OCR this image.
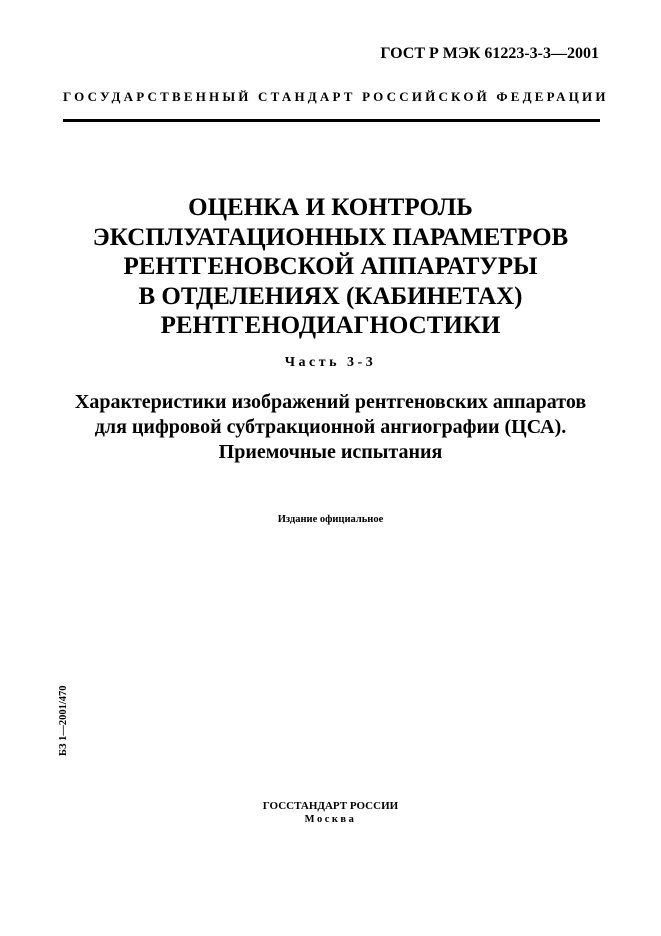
ГОСТ Р МЭК 61223-3-3—2001
ГОСУДАРСТВЕННЫЙ СТАНДАРТ РОССИЙСКОЙ ФЕДЕРАЦИИ
ОЦЕНКА И КОНТРОЛЬ
ЭКСПЛУАТАЦИОННЫХ ПАРАМЕТРОВ
РЕНТГЕНОВСКОЙ АППАРАТУРЫ
В ОТДЕЛЕНИЯХ (КАБИНЕТАХ)
РЕНТГЕНОДИАГНОСТИКИ
Часть 3-3
Характеристики изображений рентгеновских аппаратов
для цифровой субтракционной ангиографии (ЦСА).
Приемочные испытания
Издание официальное
БЗ 1—2001/470
ГОССТАНДАРТ РОССИИ
Москва
